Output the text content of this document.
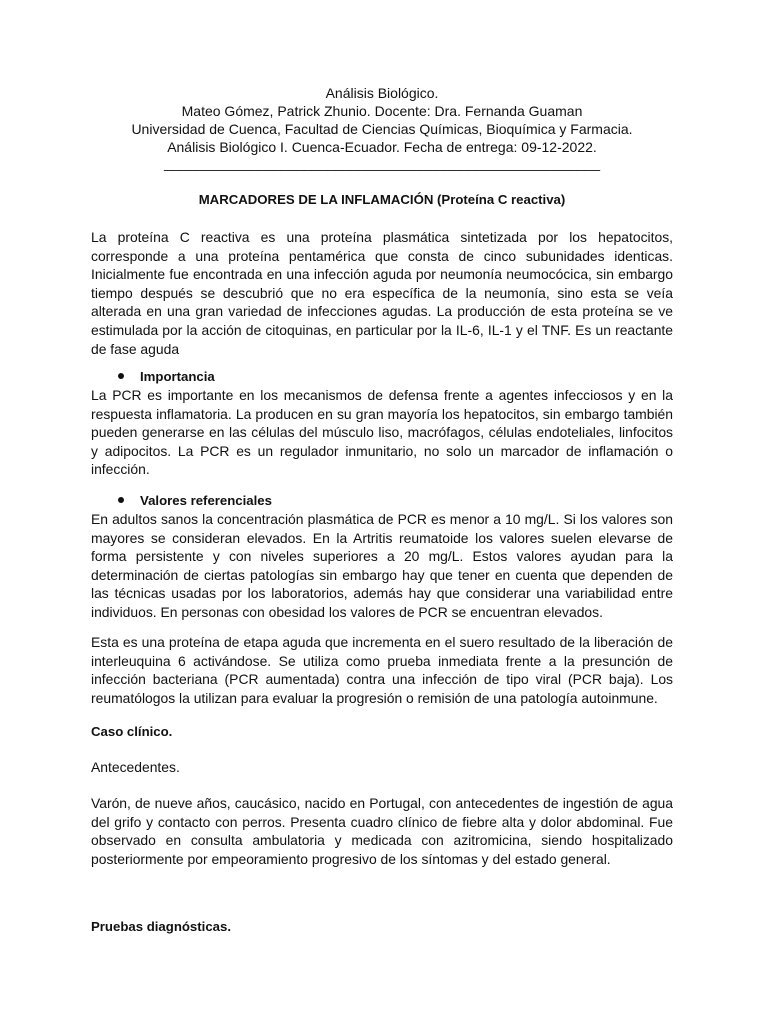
Análisis Biológico.
Mateo Gómez, Patrick Zhunio. Docente: Dra. Fernanda Guaman
Universidad de Cuenca, Facultad de Ciencias Químicas, Bioquímica y Farmacia.
Análisis Biológico I. Cuenca-Ecuador. Fecha de entrega: 09-12-2022.
________________________________________________________
MARCADORES DE LA INFLAMACIÓN (Proteína C reactiva)

La proteína C reactiva es una proteína plasmática sintetizada por los hepatocitos, corresponde a una proteína pentamérica que consta de cinco subunidades identicas. Inicialmente fue encontrada en una infección aguda por neumonía neumocócica, sin embargo tiempo después se descubrió que no era específica de la neumonía, sino esta se veía alterada en una gran variedad de infecciones agudas. La producción de esta proteína se ve estimulada por la acción de citoquinas, en particular por la IL-6, IL-1 y el TNF. Es un reactante de fase aguda

Importancia

La PCR es importante en los mecanismos de defensa frente a agentes infecciosos y en la respuesta inflamatoria. La producen en su gran mayoría los hepatocitos, sin embargo también pueden generarse en las células del músculo liso, macrófagos, células endoteliales, linfocitos y adipocitos. La PCR es un regulador inmunitario, no solo un marcador de inflamación o infección.

Valores referenciales

En adultos sanos la concentración plasmática de PCR es menor a 10 mg/L. Si los valores son mayores se consideran elevados. En la Artritis reumatoide los valores suelen elevarse de forma persistente y con niveles superiores a 20 mg/L. Estos valores ayudan para la determinación de ciertas patologías sin embargo hay que tener en cuenta que dependen de las técnicas usadas por los laboratorios, además hay que considerar una variabilidad entre individuos. En personas con obesidad los valores de PCR se encuentran elevados.

Esta es una proteína de etapa aguda que incrementa en el suero resultado de la liberación de interleuquina 6 activándose. Se utiliza como prueba inmediata frente a la presunción de infección bacteriana (PCR aumentada) contra una infección de tipo viral (PCR baja). Los reumatólogos la utilizan para evaluar la progresión o remisión de una patología autoinmune.

Caso clínico.
Antecedentes.

Varón, de nueve años, caucásico, nacido en Portugal, con antecedentes de ingestión de agua del grifo y contacto con perros. Presenta cuadro clínico de fiebre alta y dolor abdominal. Fue observado en consulta ambulatoria y medicada con azitromicina, siendo hospitalizado posteriormente por empeoramiento progresivo de los síntomas y del estado general.

Pruebas diagnósticas.
